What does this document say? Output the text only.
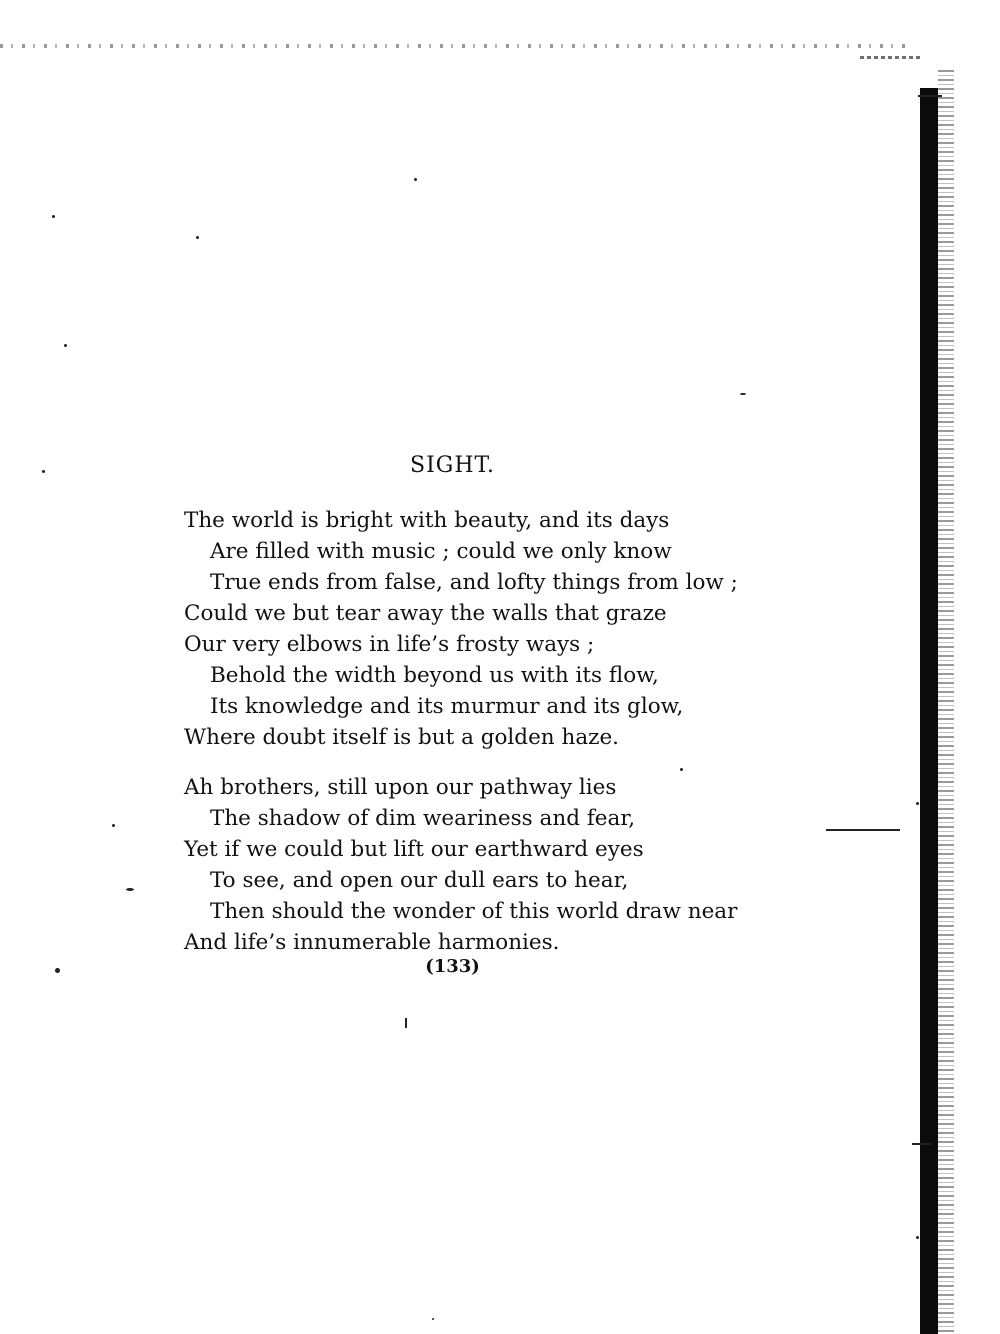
SIGHT.
The world is bright with beauty, and its days
Are filled with music ; could we only know
True ends from false, and lofty things from low ;
Could we but tear away the walls that graze
Our very elbows in life’s frosty ways ;
Behold the width beyond us with its flow,
Its knowledge and its murmur and its glow,
Where doubt itself is but a golden haze.
Ah brothers, still upon our pathway lies
The shadow of dim weariness and fear,
Yet if we could but lift our earthward eyes
To see, and open our dull ears to hear,
Then should the wonder of this world draw near
And life’s innumerable harmonies.
(133)
